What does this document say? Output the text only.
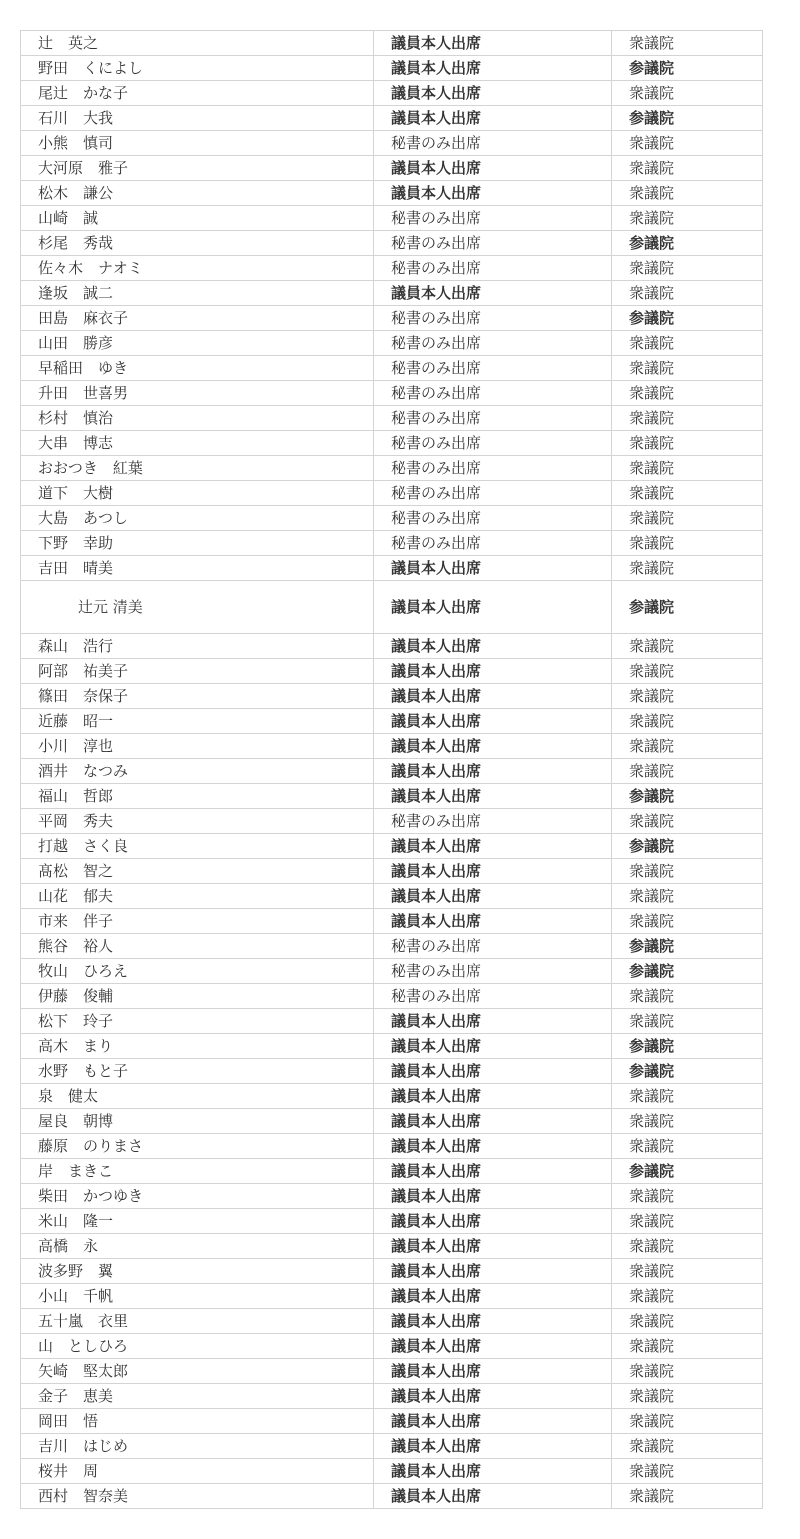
辻　英之	議員本人出席	衆議院
野田　くによし	議員本人出席	参議院
尾辻　かな子	議員本人出席	衆議院
石川　大我	議員本人出席	参議院
小熊　慎司	秘書のみ出席	衆議院
大河原　雅子	議員本人出席	衆議院
松木　謙公	議員本人出席	衆議院
山崎　誠	秘書のみ出席	衆議院
杉尾　秀哉	秘書のみ出席	参議院
佐々木　ナオミ	秘書のみ出席	衆議院
逢坂　誠二	議員本人出席	衆議院
田島　麻衣子	秘書のみ出席	参議院
山田　勝彦	秘書のみ出席	衆議院
早稲田　ゆき	秘書のみ出席	衆議院
升田　世喜男	秘書のみ出席	衆議院
杉村　慎治	秘書のみ出席	衆議院
大串　博志	秘書のみ出席	衆議院
おおつき　紅葉	秘書のみ出席	衆議院
道下　大樹	秘書のみ出席	衆議院
大島　あつし	秘書のみ出席	衆議院
下野　幸助	秘書のみ出席	衆議院
吉田　晴美	議員本人出席	衆議院
辻󠄀元 清美	議員本人出席	参議院
森山　浩行	議員本人出席	衆議院
阿部　祐美子	議員本人出席	衆議院
篠田　奈保子	議員本人出席	衆議院
近藤　昭一	議員本人出席	衆議院
小川　淳也	議員本人出席	衆議院
酒井　なつみ	議員本人出席	衆議院
福山　哲郎	議員本人出席	参議院
平岡　秀夫	秘書のみ出席	衆議院
打越　さく良	議員本人出席	参議院
髙松　智之	議員本人出席	衆議院
山花　郁夫	議員本人出席	衆議院
市来　伴子	議員本人出席	衆議院
熊谷　裕人	秘書のみ出席	参議院
牧山　ひろえ	秘書のみ出席	参議院
伊藤　俊輔	秘書のみ出席	衆議院
松下　玲子	議員本人出席	衆議院
高木　まり	議員本人出席	参議院
水野　もと子	議員本人出席	参議院
泉　健太	議員本人出席	衆議院
屋良　朝博	議員本人出席	衆議院
藤原　のりまさ	議員本人出席	衆議院
岸　まきこ	議員本人出席	参議院
柴田　かつゆき	議員本人出席	衆議院
米山　隆一	議員本人出席	衆議院
高橋　永	議員本人出席	衆議院
波多野　翼	議員本人出席	衆議院
小山　千帆	議員本人出席	衆議院
五十嵐　衣里	議員本人出席	衆議院
山　としひろ	議員本人出席	衆議院
矢崎　堅太郎	議員本人出席	衆議院
金子　恵美	議員本人出席	衆議院
岡田　悟	議員本人出席	衆議院
吉川　はじめ	議員本人出席	衆議院
桜井　周	議員本人出席	衆議院
西村　智奈美	議員本人出席	衆議院
